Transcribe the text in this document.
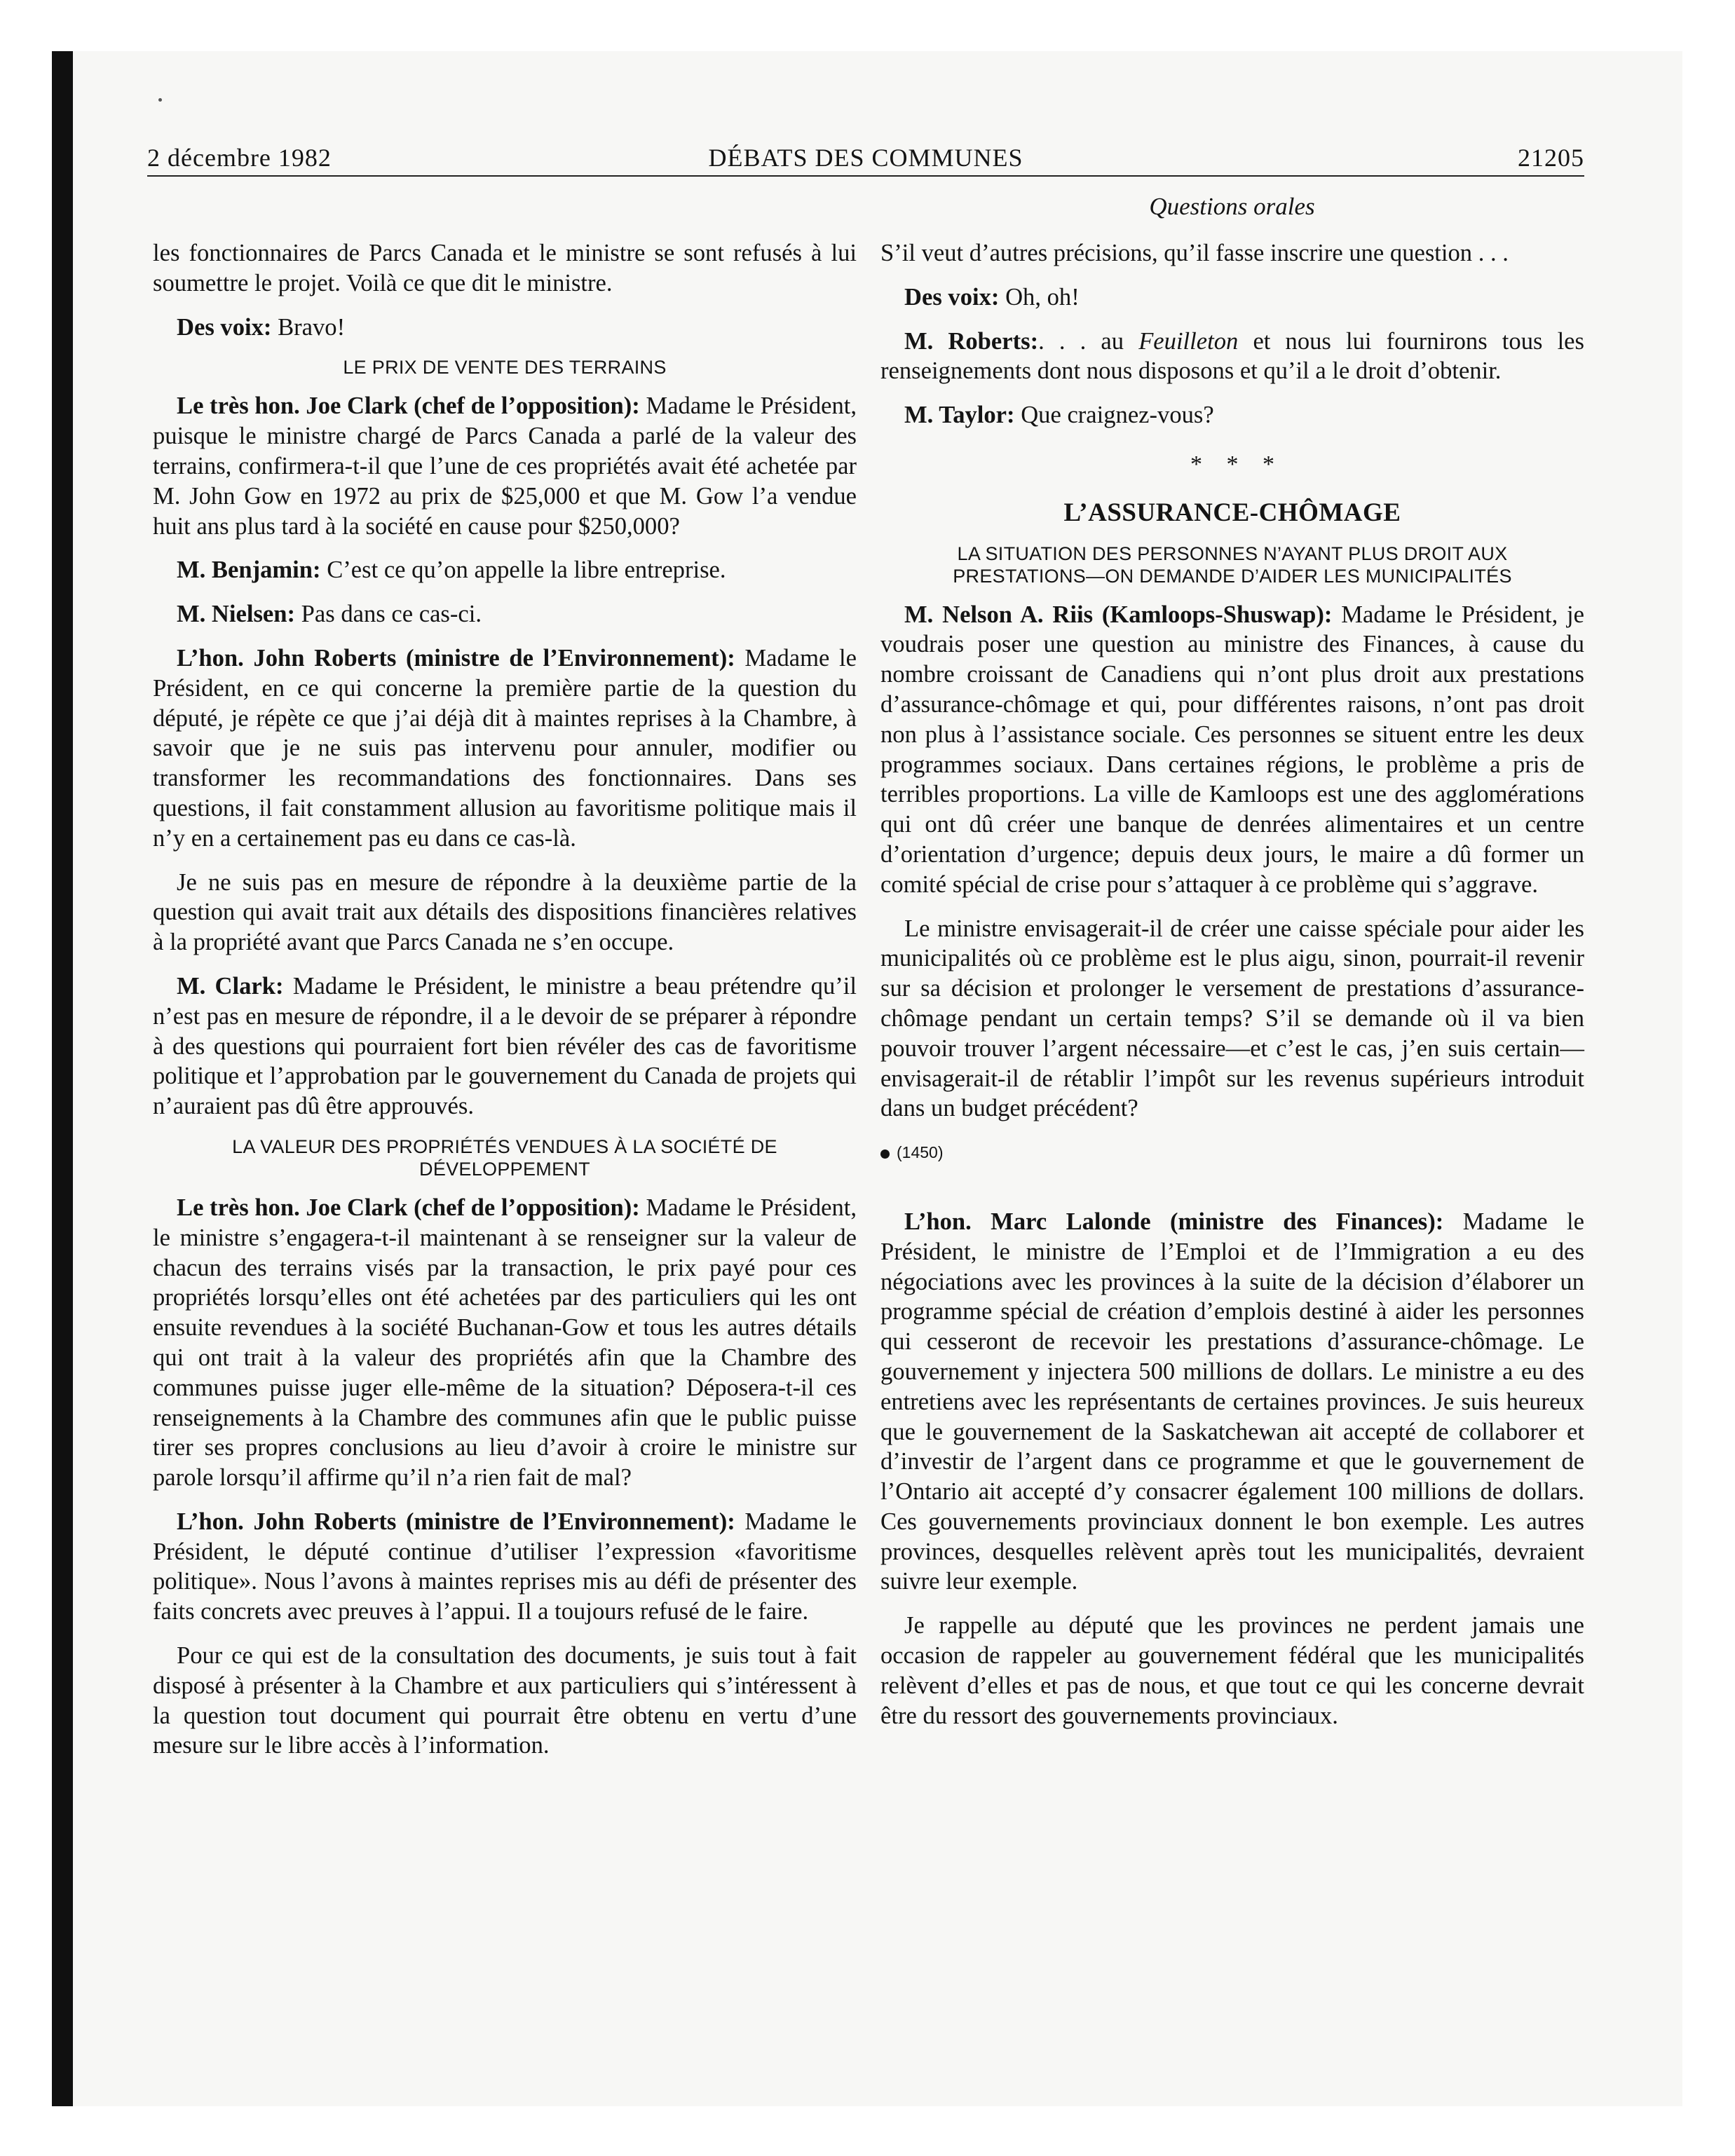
DÉBATS DES COMMUNES
2 décembre 1982	21205
Questions orales

les fonctionnaires de Parcs Canada et le ministre se sont refusés à lui soumettre le projet. Voilà ce que dit le ministre.

Des voix: Bravo!

LE PRIX DE VENTE DES TERRAINS

Le très hon. Joe Clark (chef de l’opposition): Madame le Président, puisque le ministre chargé de Parcs Canada a parlé de la valeur des terrains, confirmera-t-il que l’une de ces propriétés avait été achetée par M. John Gow en 1972 au prix de $25,000 et que M. Gow l’a vendue huit ans plus tard à la société en cause pour $250,000?

M. Benjamin: C’est ce qu’on appelle la libre entreprise.

M. Nielsen: Pas dans ce cas-ci.

L’hon. John Roberts (ministre de l’Environnement): Madame le Président, en ce qui concerne la première partie de la question du député, je répète ce que j’ai déjà dit à maintes reprises à la Chambre, à savoir que je ne suis pas intervenu pour annuler, modifier ou transformer les recommandations des fonctionnaires. Dans ses questions, il fait constamment allusion au favoritisme politique mais il n’y en a certainement pas eu dans ce cas-là.

Je ne suis pas en mesure de répondre à la deuxième partie de la question qui avait trait aux détails des dispositions financières relatives à la propriété avant que Parcs Canada ne s’en occupe.

M. Clark: Madame le Président, le ministre a beau prétendre qu’il n’est pas en mesure de répondre, il a le devoir de se préparer à répondre à des questions qui pourraient fort bien révéler des cas de favoritisme politique et l’approbation par le gouvernement du Canada de projets qui n’auraient pas dû être approuvés.

LA VALEUR DES PROPRIÉTÉS VENDUES À LA SOCIÉTÉ DE DÉVELOPPEMENT

Le très hon. Joe Clark (chef de l’opposition): Madame le Président, le ministre s’engagera-t-il maintenant à se renseigner sur la valeur de chacun des terrains visés par la transaction, le prix payé pour ces propriétés lorsqu’elles ont été achetées par des particuliers qui les ont ensuite revendues à la société Buchanan-Gow et tous les autres détails qui ont trait à la valeur des propriétés afin que la Chambre des communes puisse juger elle-même de la situation? Déposera-t-il ces renseignements à la Chambre des communes afin que le public puisse tirer ses propres conclusions au lieu d’avoir à croire le ministre sur parole lorsqu’il affirme qu’il n’a rien fait de mal?

L’hon. John Roberts (ministre de l’Environnement): Madame le Président, le député continue d’utiliser l’expression «favoritisme politique». Nous l’avons à maintes reprises mis au défi de présenter des faits concrets avec preuves à l’appui. Il a toujours refusé de le faire.

Pour ce qui est de la consultation des documents, je suis tout à fait disposé à présenter à la Chambre et aux particuliers qui s’intéressent à la question tout document qui pourrait être obtenu en vertu d’une mesure sur le libre accès à l’information.

S’il veut d’autres précisions, qu’il fasse inscrire une question . . .

Des voix: Oh, oh!

M. Roberts:. . . au Feuilleton et nous lui fournirons tous les renseignements dont nous disposons et qu’il a le droit d’obtenir.

M. Taylor: Que craignez-vous?

* * *
L’ASSURANCE-CHÔMAGE
LA SITUATION DES PERSONNES N’AYANT PLUS DROIT AUX PRESTATIONS—ON DEMANDE D’AIDER LES MUNICIPALITÉS

M. Nelson A. Riis (Kamloops-Shuswap): Madame le Président, je voudrais poser une question au ministre des Finances, à cause du nombre croissant de Canadiens qui n’ont plus droit aux prestations d’assurance-chômage et qui, pour différentes raisons, n’ont pas droit non plus à l’assistance sociale. Ces personnes se situent entre les deux programmes sociaux. Dans certaines régions, le problème a pris de terribles proportions. La ville de Kamloops est une des agglomérations qui ont dû créer une banque de denrées alimentaires et un centre d’orientation d’urgence; depuis deux jours, le maire a dû former un comité spécial de crise pour s’attaquer à ce problème qui s’aggrave.

Le ministre envisagerait-il de créer une caisse spéciale pour aider les municipalités où ce problème est le plus aigu, sinon, pourrait-il revenir sur sa décision et prolonger le versement de prestations d’assurance-chômage pendant un certain temps? S’il se demande où il va bien pouvoir trouver l’argent nécessaire—et c’est le cas, j’en suis certain—envisagerait-il de rétablir l’impôt sur les revenus supérieurs introduit dans un budget précédent?

(1450)

L’hon. Marc Lalonde (ministre des Finances): Madame le Président, le ministre de l’Emploi et de l’Immigration a eu des négociations avec les provinces à la suite de la décision d’élaborer un programme spécial de création d’emplois destiné à aider les personnes qui cesseront de recevoir les prestations d’assurance-chômage. Le gouvernement y injectera 500 millions de dollars. Le ministre a eu des entretiens avec les représentants de certaines provinces. Je suis heureux que le gouvernement de la Saskatchewan ait accepté de collaborer et d’investir de l’argent dans ce programme et que le gouvernement de l’Ontario ait accepté d’y consacrer également 100 millions de dollars. Ces gouvernements provinciaux donnent le bon exemple. Les autres provinces, desquelles relèvent après tout les municipalités, devraient suivre leur exemple.

Je rappelle au député que les provinces ne perdent jamais une occasion de rappeler au gouvernement fédéral que les municipalités relèvent d’elles et pas de nous, et que tout ce qui les concerne devrait être du ressort des gouvernements provinciaux.
